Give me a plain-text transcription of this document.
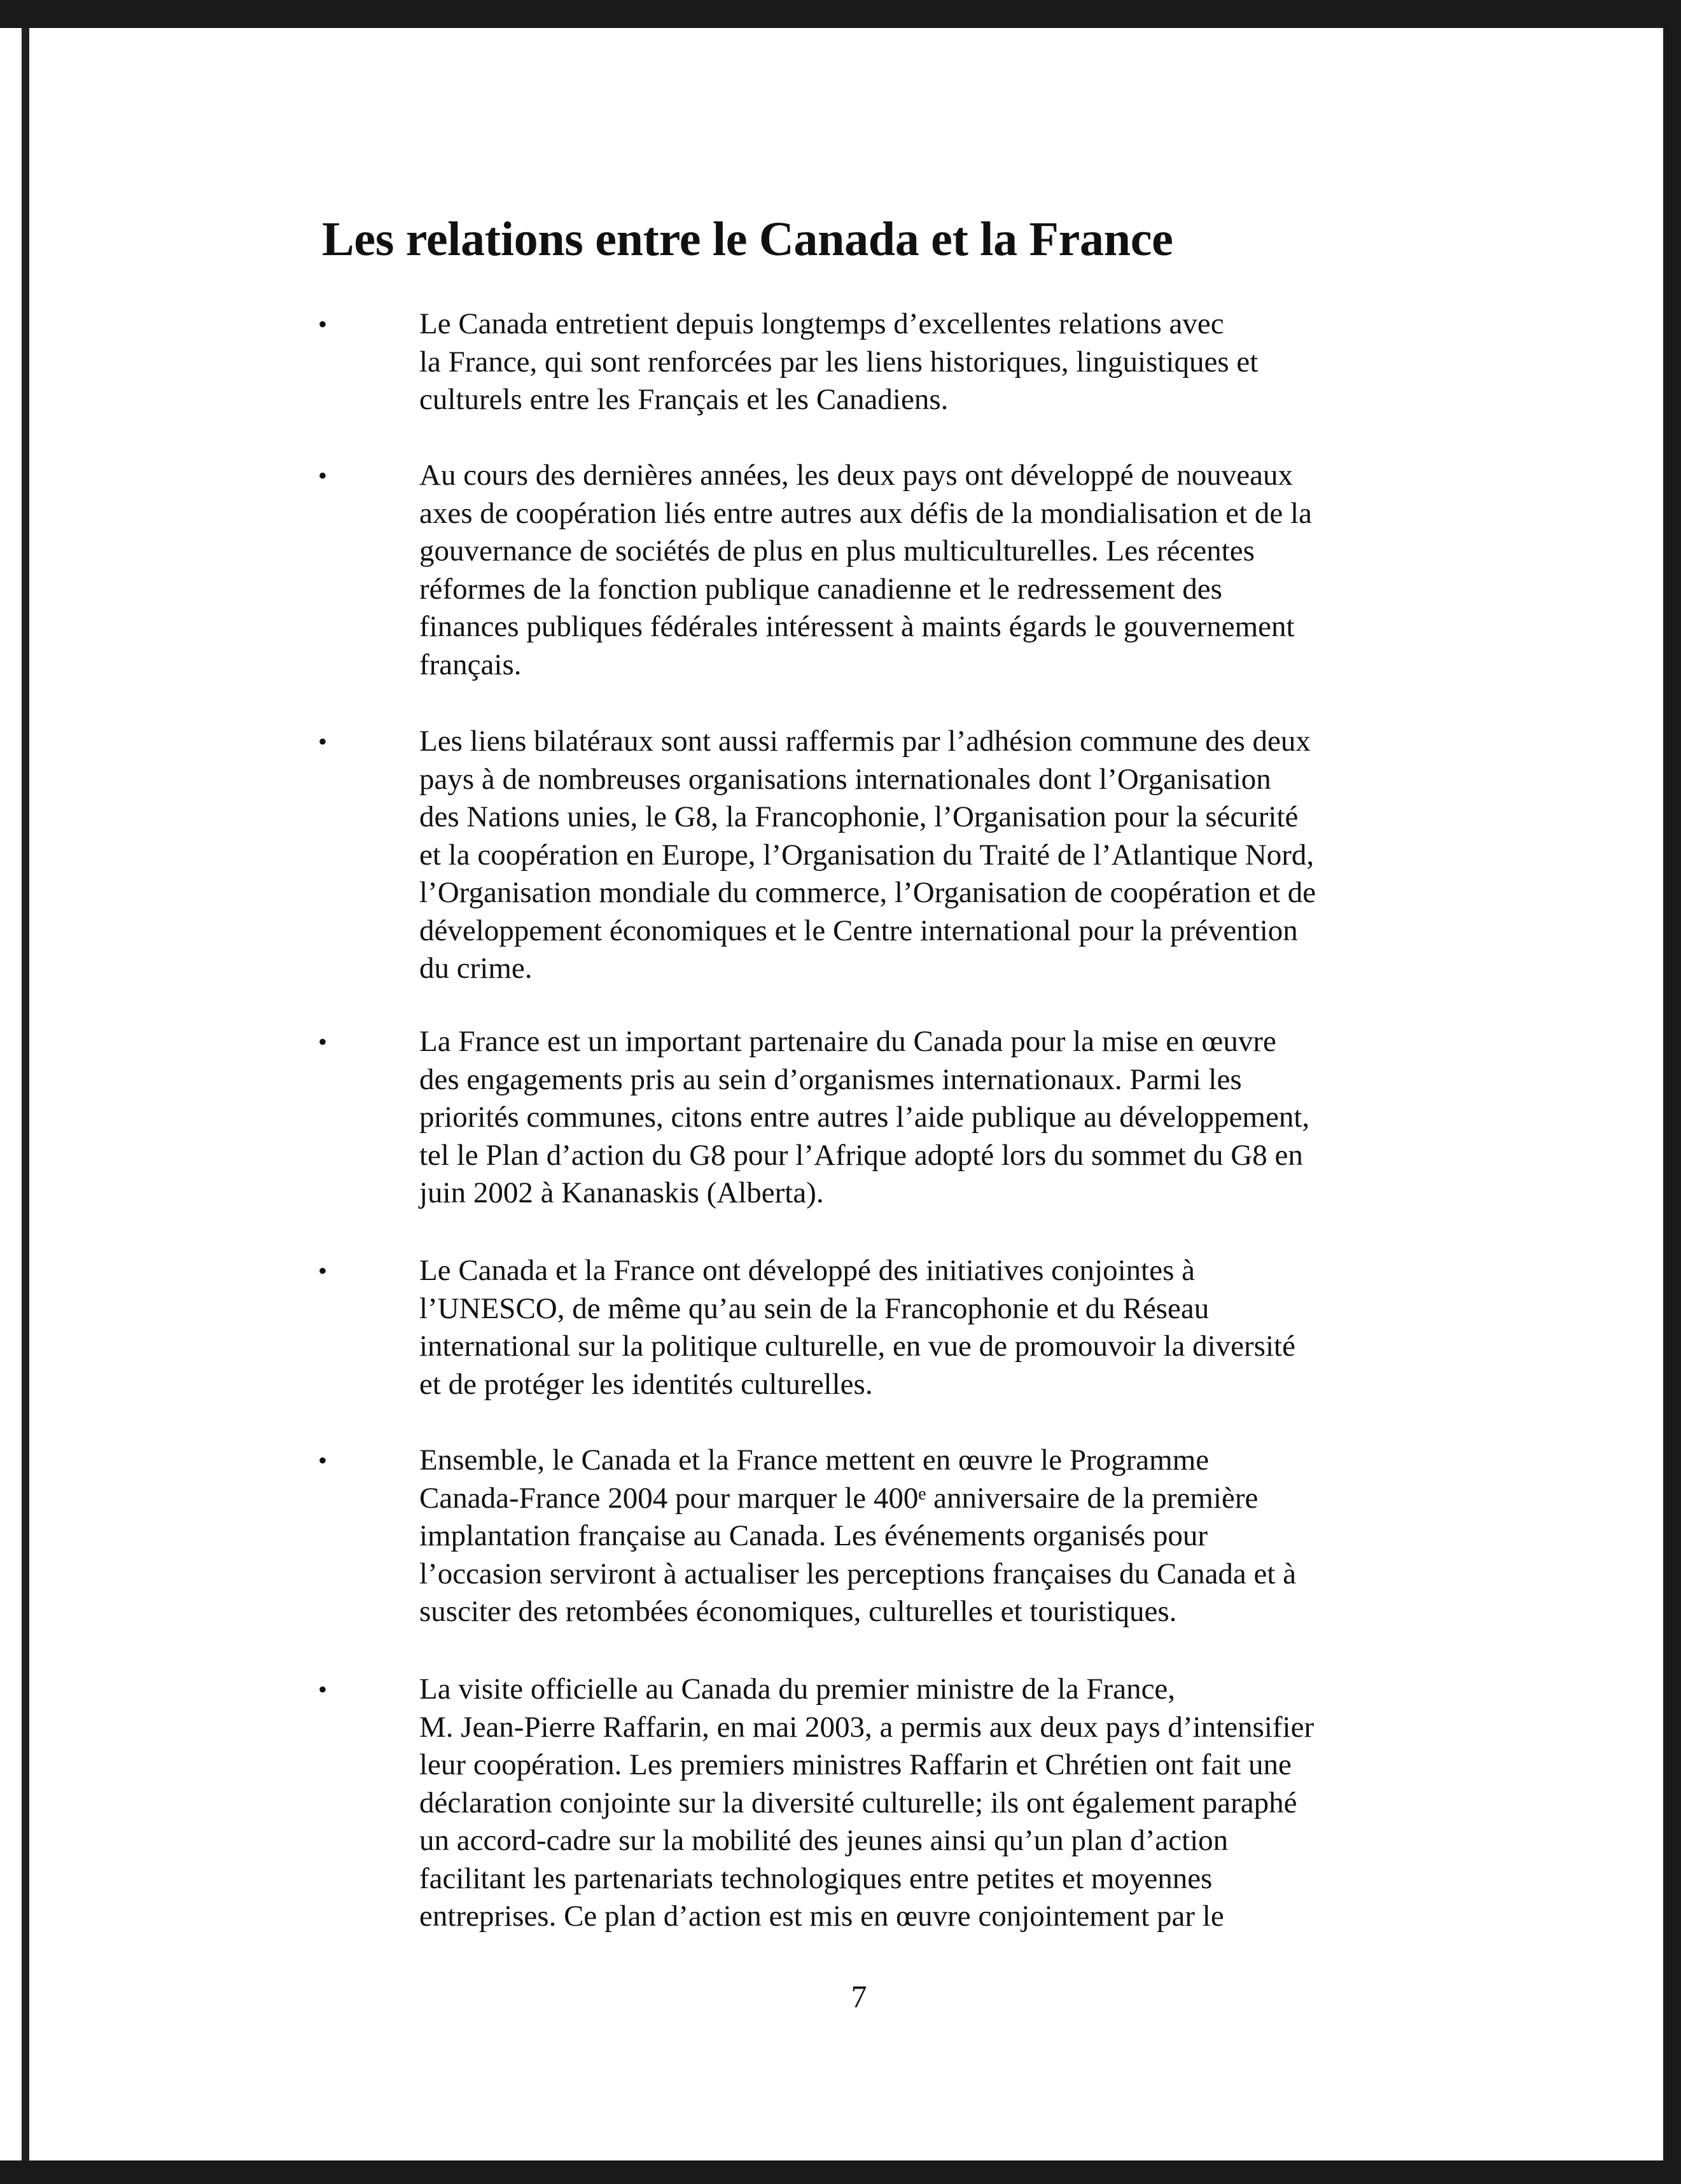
Les relations entre le Canada et la France
•	Le Canada entretient depuis longtemps d’excellentes relations avec
la France, qui sont renforcées par les liens historiques, linguistiques et
culturels entre les Français et les Canadiens.
•	Au cours des dernières années, les deux pays ont développé de nouveaux
axes de coopération liés entre autres aux défis de la mondialisation et de la
gouvernance de sociétés de plus en plus multiculturelles. Les récentes
réformes de la fonction publique canadienne et le redressement des
finances publiques fédérales intéressent à maints égards le gouvernement
français.
•	Les liens bilatéraux sont aussi raffermis par l’adhésion commune des deux
pays à de nombreuses organisations internationales dont l’Organisation
des Nations unies, le G8, la Francophonie, l’Organisation pour la sécurité
et la coopération en Europe, l’Organisation du Traité de l’Atlantique Nord,
l’Organisation mondiale du commerce, l’Organisation de coopération et de
développement économiques et le Centre international pour la prévention
du crime.
•	La France est un important partenaire du Canada pour la mise en œuvre
des engagements pris au sein d’organismes internationaux. Parmi les
priorités communes, citons entre autres l’aide publique au développement,
tel le Plan d’action du G8 pour l’Afrique adopté lors du sommet du G8 en
juin 2002 à Kananaskis (Alberta).
•	Le Canada et la France ont développé des initiatives conjointes à
l’UNESCO, de même qu’au sein de la Francophonie et du Réseau
international sur la politique culturelle, en vue de promouvoir la diversité
et de protéger les identités culturelles.
•	Ensemble, le Canada et la France mettent en œuvre le Programme
Canada-France 2004 pour marquer le 400ᵉ anniversaire de la première
implantation française au Canada. Les événements organisés pour
l’occasion serviront à actualiser les perceptions françaises du Canada et à
susciter des retombées économiques, culturelles et touristiques.
•	La visite officielle au Canada du premier ministre de la France,
M. Jean-Pierre Raffarin, en mai 2003, a permis aux deux pays d’intensifier
leur coopération. Les premiers ministres Raffarin et Chrétien ont fait une
déclaration conjointe sur la diversité culturelle; ils ont également paraphé
un accord-cadre sur la mobilité des jeunes ainsi qu’un plan d’action
facilitant les partenariats technologiques entre petites et moyennes
entreprises. Ce plan d’action est mis en œuvre conjointement par le
7
